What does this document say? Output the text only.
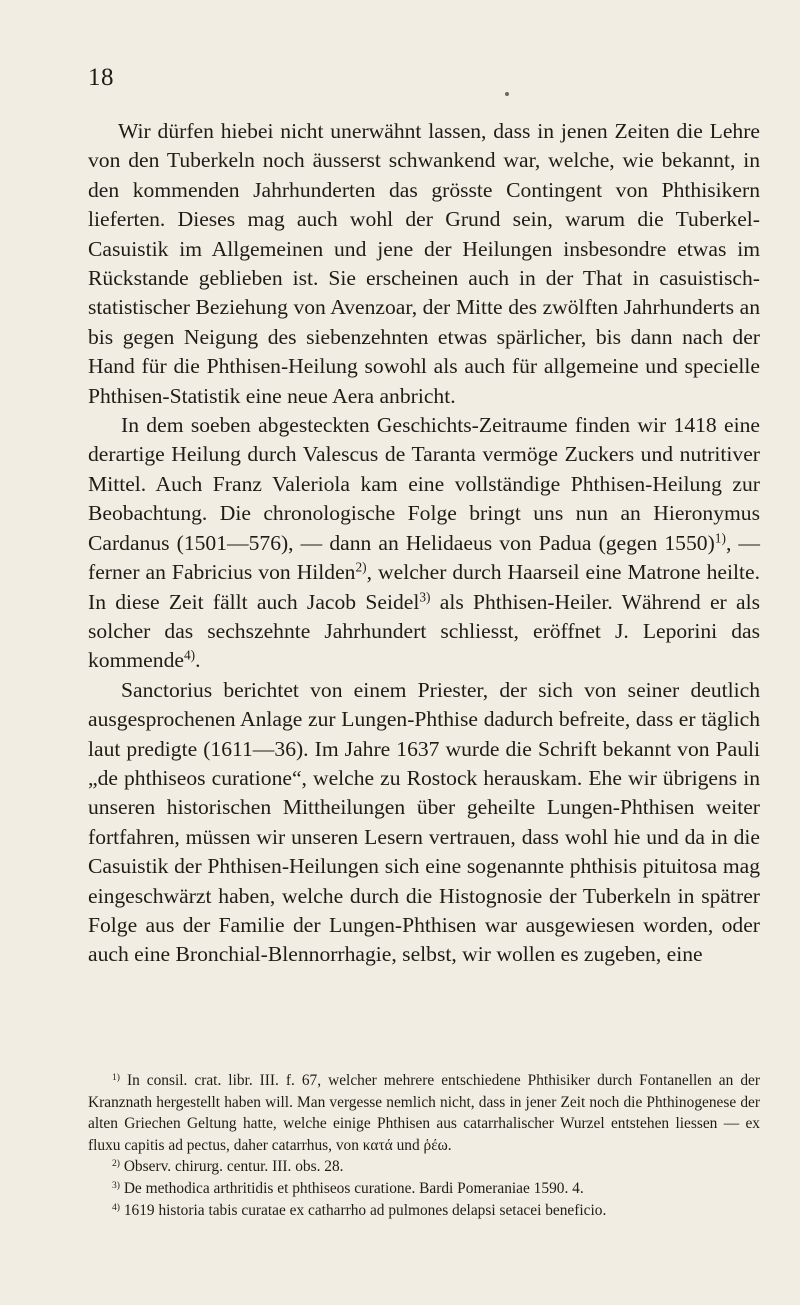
18

Wir dürfen hiebei nicht unerwähnt lassen, dass in jenen Zeiten die Lehre von den Tuberkeln noch äusserst schwankend war, welche, wie bekannt, in den kommenden Jahrhunderten das grösste Contingent von Phthisikern lieferten. Dieses mag auch wohl der Grund sein, warum die Tuberkel-Casuistik im Allgemeinen und jene der Heilungen insbesondre etwas im Rückstande geblieben ist. Sie erscheinen auch in der That in casuistisch-statistischer Beziehung von Avenzoar, der Mitte des zwölften Jahrhunderts an bis gegen Neigung des siebenzehnten etwas spärlicher, bis dann nach der Hand für die Phthisen-Heilung sowohl als auch für allgemeine und specielle Phthisen-Statistik eine neue Aera anbricht.

In dem soeben abgesteckten Geschichts-Zeitraume finden wir 1418 eine derartige Heilung durch Valescus de Taranta vermöge Zuckers und nutritiver Mittel. Auch Franz Valeriola kam eine vollständige Phthisen-Heilung zur Beobachtung. Die chronologische Folge bringt uns nun an Hieronymus Cardanus (1501—576), — dann an Helidaeus von Padua (gegen 1550)$^{1)}$, — ferner an Fabricius von Hilden$^{2)}$, welcher durch Haarseil eine Matrone heilte. In diese Zeit fällt auch Jacob Seidel$^{3)}$ als Phthisen-Heiler. Während er als solcher das sechszehnte Jahrhundert schliesst, eröffnet J. Leporini das kommende$^{4)}$.

Sanctorius berichtet von einem Priester, der sich von seiner deutlich ausgesprochenen Anlage zur Lungen-Phthise dadurch befreite, dass er täglich laut predigte (1611—36). Im Jahre 1637 wurde die Schrift bekannt von Pauli „de phthiseos curatione“, welche zu Rostock herauskam. Ehe wir übrigens in unseren historischen Mittheilungen über geheilte Lungen-Phthisen weiter fortfahren, müssen wir unseren Lesern vertrauen, dass wohl hie und da in die Casuistik der Phthisen-Heilungen sich eine sogenannte phthisis pituitosa mag eingeschwärzt haben, welche durch die Histognosie der Tuberkeln in spätrer Folge aus der Familie der Lungen-Phthisen war ausgewiesen worden, oder auch eine Bronchial-Blennorrhagie, selbst, wir wollen es zugeben, eine

$^{1)}$ In consil. crat. libr. III. f. 67, welcher mehrere entschiedene Phthisiker durch Fontanellen an der Kranznath hergestellt haben will. Man vergesse nemlich nicht, dass in jener Zeit noch die Phthinogenese der alten Griechen Geltung hatte, welche einige Phthisen aus catarrhalischer Wurzel entstehen liessen — ex fluxu capitis ad pectus, daher catarrhus, von κατά und ῥέω.

$^{2)}$ Observ. chirurg. centur. III. obs. 28.

$^{3)}$ De methodica arthritidis et phthiseos curatione. Bardi Pomeraniae 1590. 4.

$^{4)}$ 1619 historia tabis curatae ex catharrho ad pulmones delapsi setacei beneficio.
